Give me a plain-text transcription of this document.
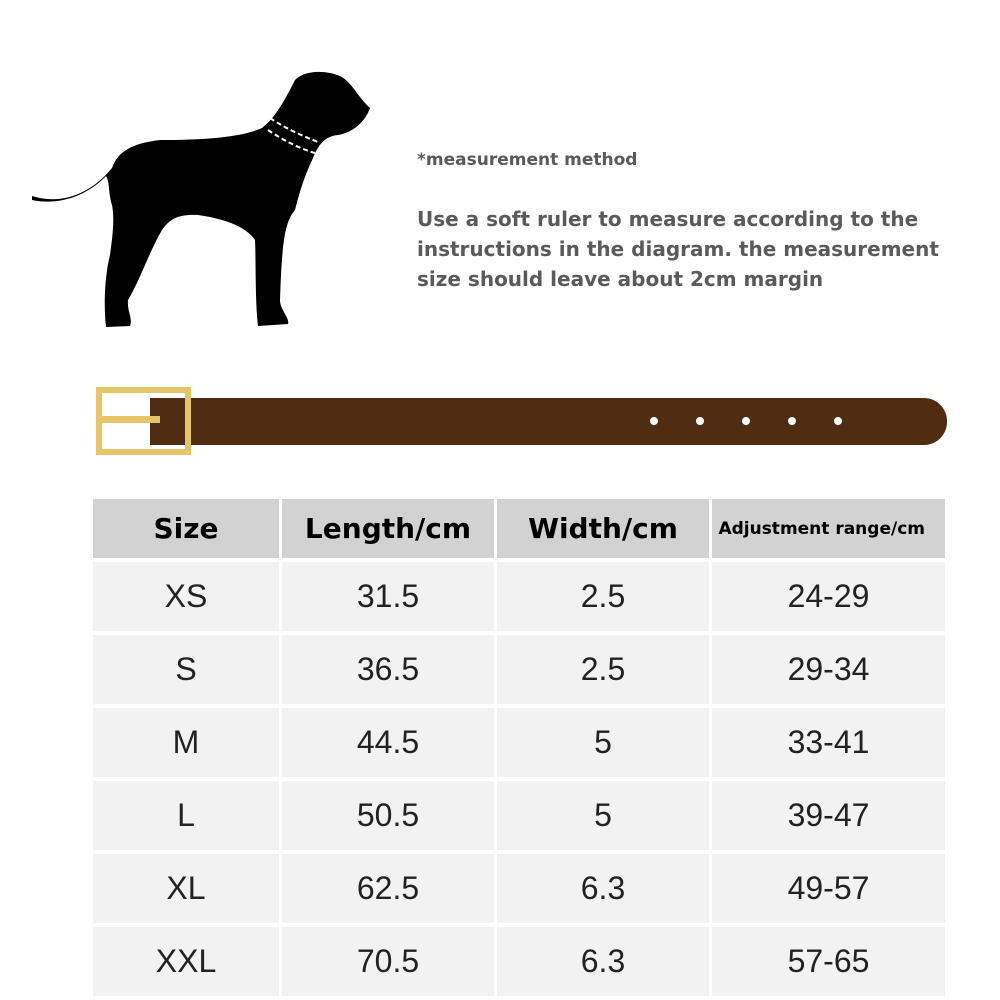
*measurement method
Use a soft ruler to measure according to the instructions in the diagram. the measurement size should leave about 2cm margin
Size	Length/cm	Width/cm	Adjustment range/cm
XS	31.5	2.5	24-29
S	36.5	2.5	29-34
M	44.5	5	33-41
L	50.5	5	39-47
XL	62.5	6.3	49-57
XXL	70.5	6.3	57-65
